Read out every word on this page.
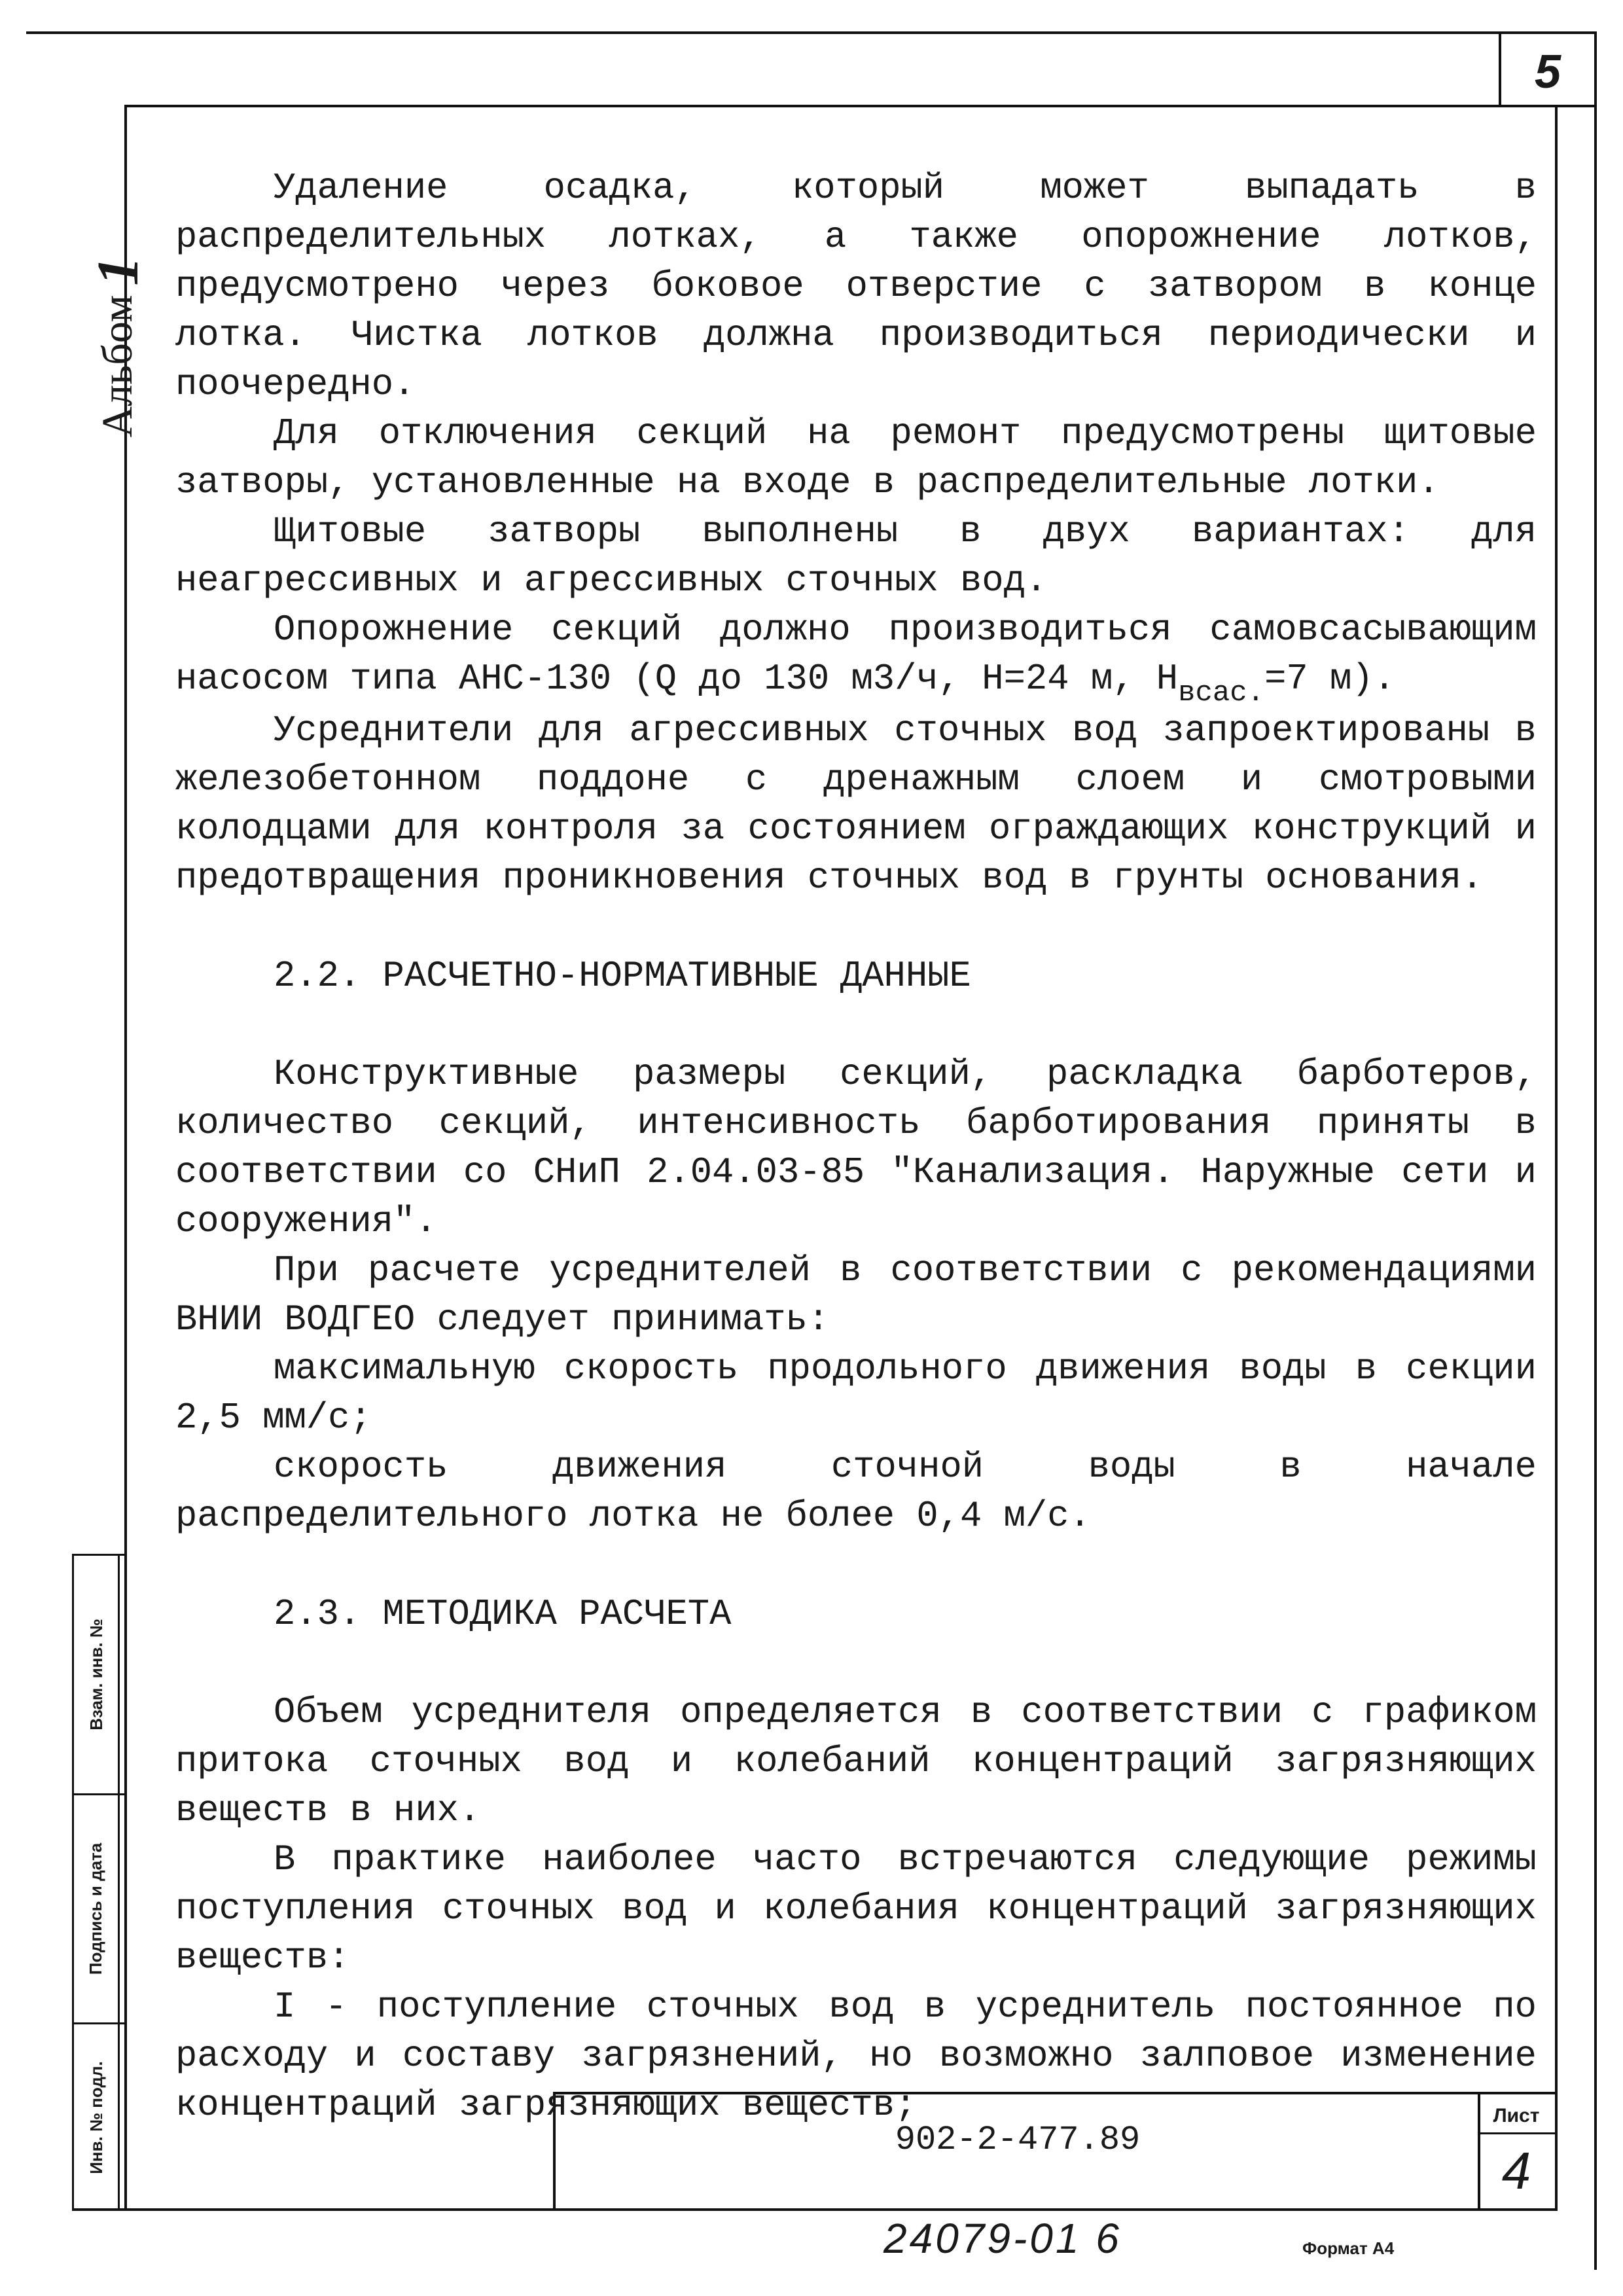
5
Альбом
1

Удаление осадка, который может выпадать в распределительных лотках, а также опорожнение лотков, предусмотрено через боковое отверстие с затвором в конце лотка. Чистка лотков должна производиться периодически и поочередно.

Для отключения секций на ремонт предусмотрены щитовые затворы, установленные на входе в распределительные лотки.

Щитовые затворы выполнены в двух вариантах: для неагрессивных и агрессивных сточных вод.

Опорожнение секций должно производиться самовсасывающим насосом типа АНС-130 (Q до 130 м3/ч, Н=24 м, $Н_{всас.}=7$ м).

Усреднители для агрессивных сточных вод запроектированы в железобетонном поддоне с дренажным слоем и смотровыми колодцами для контроля за состоянием ограждающих конструкций и предотвращения проникновения сточных вод в грунты основания.

2.2. РАСЧЕТНО-НОРМАТИВНЫЕ ДАННЫЕ

Конструктивные размеры секций, раскладка барботеров, количество секций, интенсивность барботирования приняты в соответствии со СНиП 2.04.03-85 "Канализация. Наружные сети и сооружения".

При расчете усреднителей в соответствии с рекомендациями ВНИИ ВОДГЕО следует принимать:

максимальную скорость продольного движения воды в секции 2,5 мм/с;

скорость движения сточной воды в начале распределительного лотка не более 0,4 м/с.

2.3. МЕТОДИКА РАСЧЕТА

Объем усреднителя определяется в соответствии с графиком притока сточных вод и колебаний концентраций загрязняющих веществ в них.

В практике наиболее часто встречаются следующие режимы поступления сточных вод и колебания концентраций загрязняющих веществ:

I - поступление сточных вод в усреднитель постоянное по расходу и составу загрязнений, но возможно залповое изменение концентраций загрязняющих веществ;

Взам. инв. №
Подпись и дата
Инв. № подл.	902-2-477.89
Лист
4
24079-01 6	Формат А4
